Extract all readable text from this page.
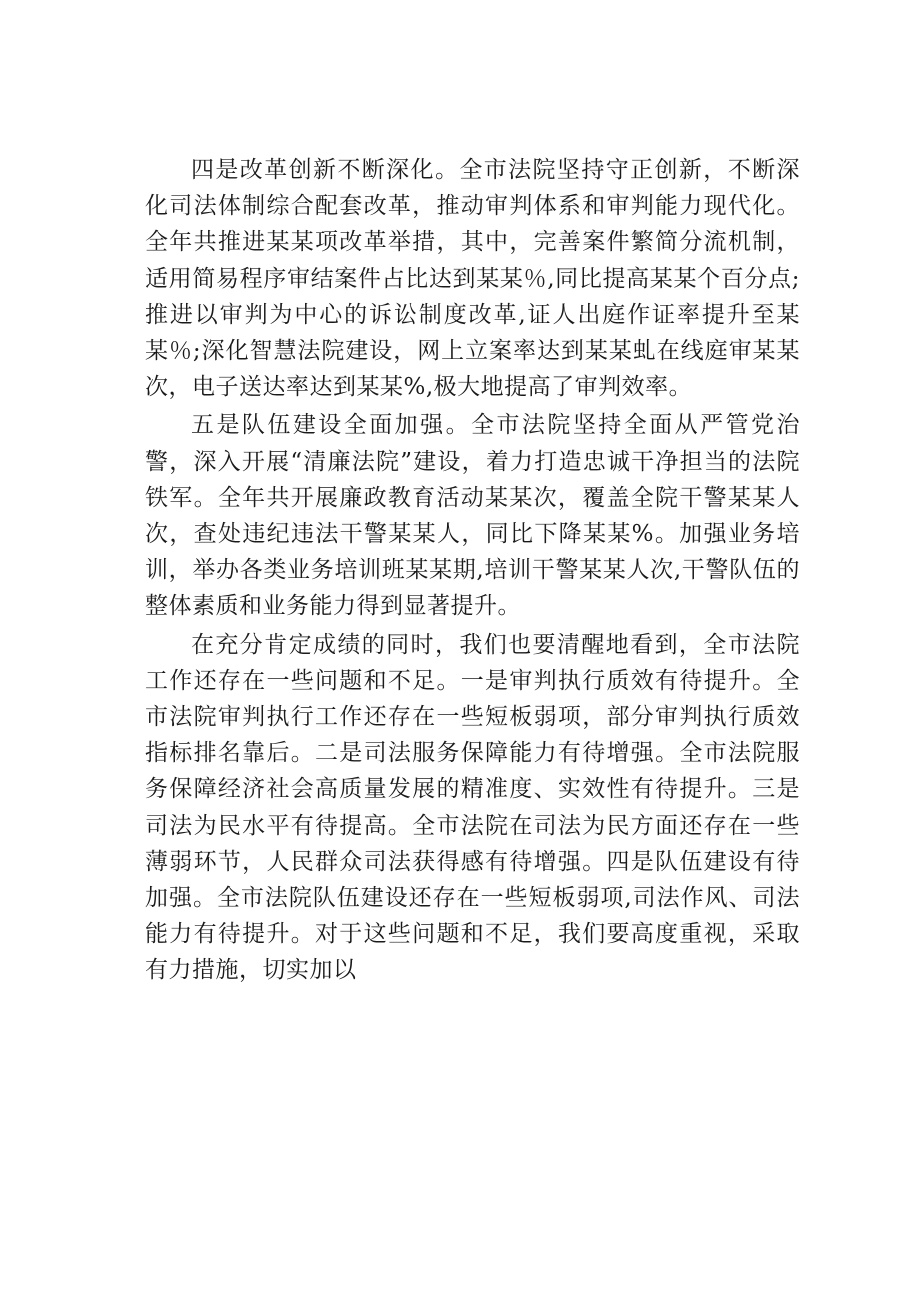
四是改革创新不断深化。全市法院坚持守正创新，不断深化司法体制综合配套改革，推动审判体系和审判能力现代化。全年共推进某某项改革举措，其中，完善案件繁简分流机制，适用简易程序审结案件占比达到某某％,同比提高某某个百分点;推进以审判为中心的诉讼制度改革,证人出庭作证率提升至某某％;深化智慧法院建设，网上立案率达到某某虬在线庭审某某次，电子送达率达到某某%,极大地提高了审判效率。

五是队伍建设全面加强。全市法院坚持全面从严管党治警，深入开展“清廉法院”建设，着力打造忠诚干净担当的法院铁军。全年共开展廉政教育活动某某次，覆盖全院干警某某人次，查处违纪违法干警某某人，同比下降某某%。加强业务培训，举办各类业务培训班某某期,培训干警某某人次,干警队伍的整体素质和业务能力得到显著提升。

在充分肯定成绩的同时，我们也要清醒地看到，全市法院工作还存在一些问题和不足。一是审判执行质效有待提升。全市法院审判执行工作还存在一些短板弱项，部分审判执行质效指标排名靠后。二是司法服务保障能力有待增强。全市法院服务保障经济社会高质量发展的精准度、实效性有待提升。三是司法为民水平有待提高。全市法院在司法为民方面还存在一些薄弱环节，人民群众司法获得感有待增强。四是队伍建设有待加强。全市法院队伍建设还存在一些短板弱项,司法作风、司法能力有待提升。对于这些问题和不足，我们要高度重视，采取有力措施，切实加以
